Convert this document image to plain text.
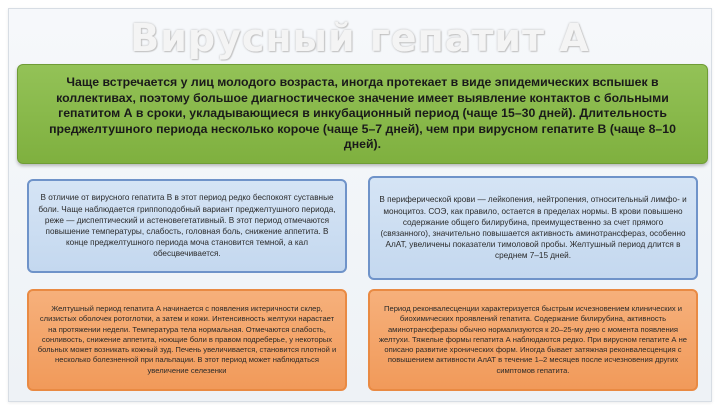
Вирусный гепатит А
Чаще встречается у лиц молодого возраста, иногда протекает в виде эпидемических вспышек в коллективах, поэтому большое диагностическое значение имеет выявление контактов с больными гепатитом А в сроки, укладывающиеся в инкубационный период (чаще 15–30 дней). Длительность преджелтушного периода несколько короче (чаще 5–7 дней), чем при вирусном гепатите В (чаще 8–10 дней).
В отличие от вирусного гепатита В в этот период редко беспокоят суставные боли. Чаще наблюдается гриппоподобный вариант преджелтушного периода, реже — диспептический и астеновегетативный. В этот период отмечаются повышение температуры, слабость, головная боль, снижение аппетита. В конце преджелтушного периода моча становится темной, а кал обесцвечивается.
В периферической крови — лейкопения, нейтропения, относительный лимфо- и моноцитоз. СОЭ, как правило, остается в пределах нормы. В крови повышено содержание общего билирубина, преимущественно за счет прямого (связанного), значительно повышается активность аминотрансфераз, особенно АлАТ, увеличены показатели тимоловой пробы. Желтушный период длится в среднем 7–15 дней.
Желтушный период гепатита А начинается с появления иктеричности склер, слизистых оболочек ротоглотки, а затем и кожи. Интенсивность желтухи нарастает на протяжении недели. Температура тела нормальная. Отмечаются слабость, сонливость, снижение аппетита, ноющие боли в правом подреберье, у некоторых больных может возникать кожный зуд. Печень увеличивается, становится плотной и несколько болезненной при пальпации. В этот период может наблюдаться увеличение селезенки
Период реконвалесценции характеризуется быстрым исчезновением клинических и биохимических проявлений гепатита. Содержание билирубина, активность аминотрансферазы обычно нормализуются к 20–25-му дню с момента появления желтухи. Тяжелые формы гепатита А наблюдаются редко. При вирусном гепатите А не описано развитие хронических форм. Иногда бывает затяжная реконвалесценция с повышением активности АлАТ в течение 1–2 месяцев после исчезновения других симптомов гепатита.
